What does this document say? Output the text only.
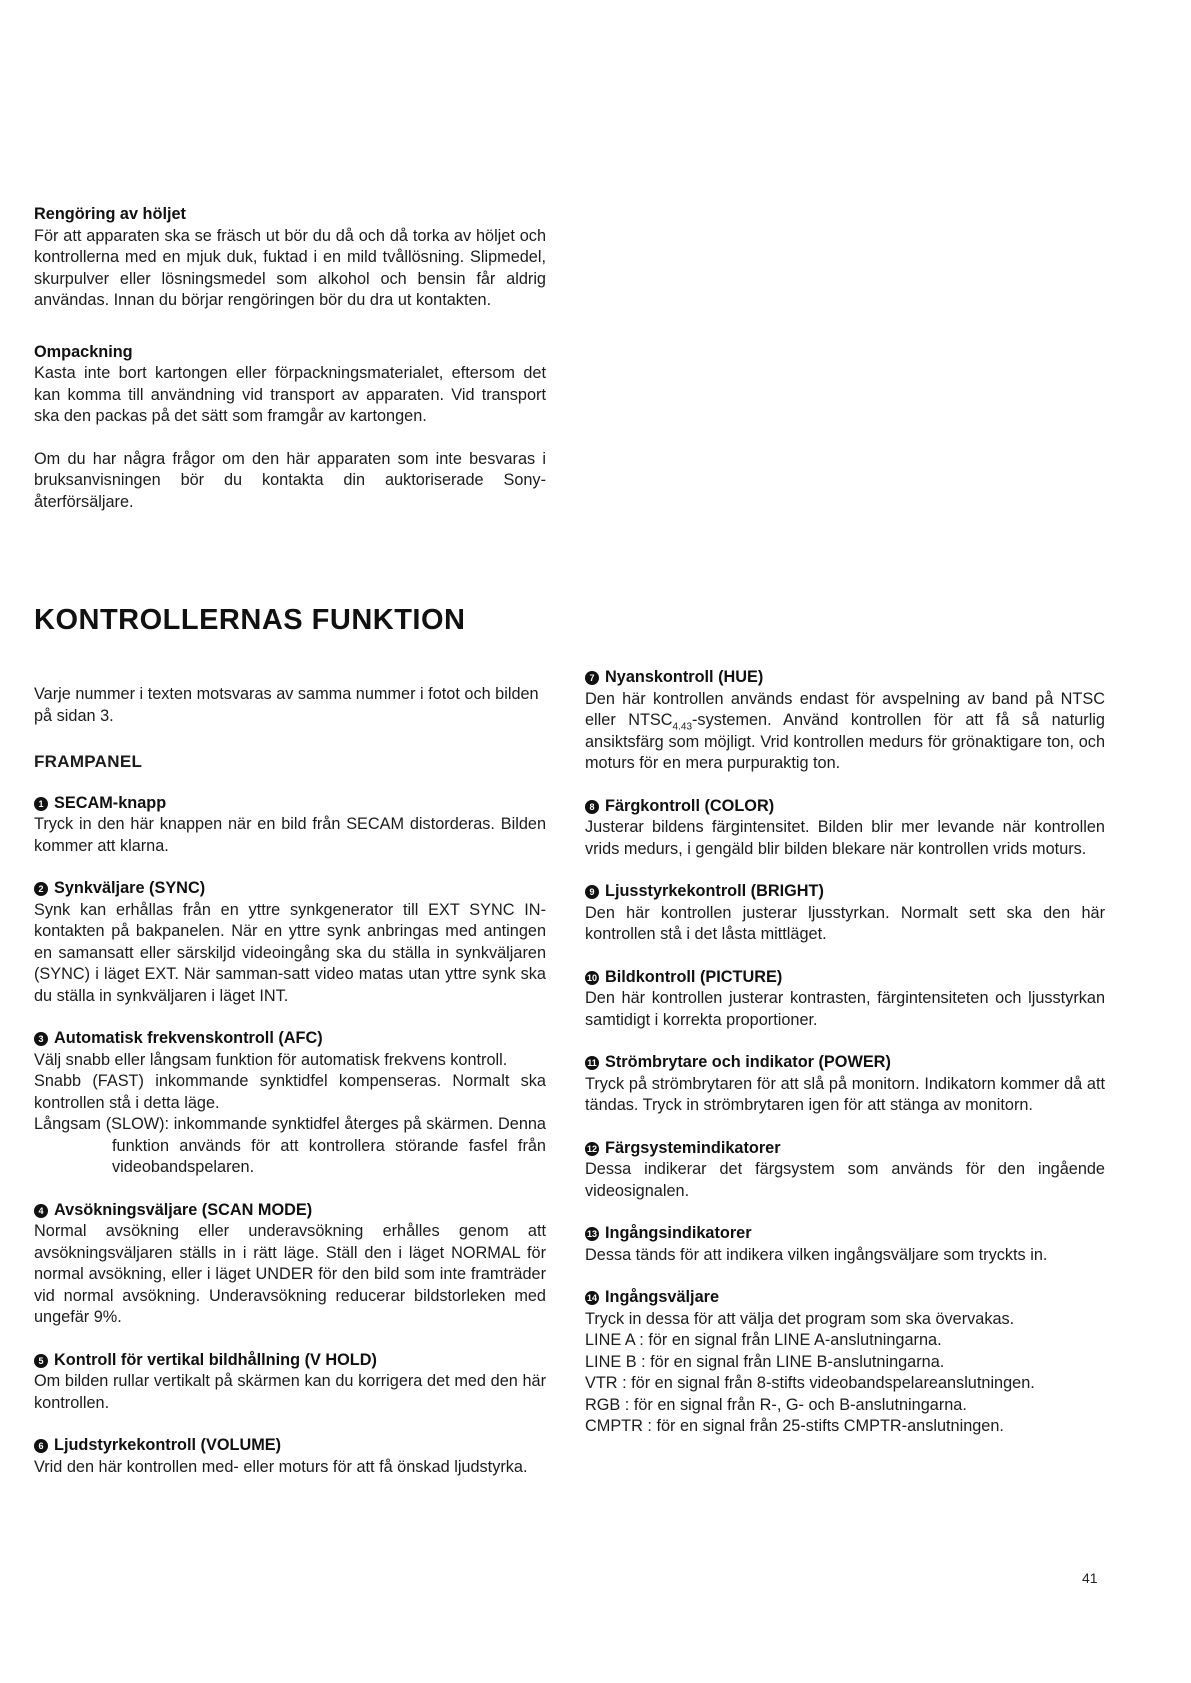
Rengöring av höljet

För att apparaten ska se fräsch ut bör du då och då torka av höljet och kontrollerna med en mjuk duk, fuktad i en mild tvållösning. Slipmedel, skurpulver eller lösningsmedel som alkohol och bensin får aldrig användas. Innan du börjar rengöringen bör du dra ut kontakten.

Ompackning

Kasta inte bort kartongen eller förpackningsmaterialet, eftersom det kan komma till användning vid transport av apparaten. Vid transport ska den packas på det sätt som framgår av kartongen.

Om du har några frågor om den här apparaten som inte besvaras i bruksanvisningen bör du kontakta din auktoriserade Sony-återförsäljare.

KONTROLLERNAS FUNKTION

Varje nummer i texten motsvaras av samma nummer i fotot och bilden på sidan 3.

FRAMPANEL
1 SECAM-knapp

Tryck in den här knappen när en bild från SECAM distorderas. Bilden kommer att klarna.

2 Synkväljare (SYNC)

Synk kan erhållas från en yttre synkgenerator till EXT SYNC IN-kontakten på bakpanelen. När en yttre synk anbringas med antingen en samansatt eller särskiljd videoingång ska du ställa in synkväljaren (SYNC) i läget EXT. När samman-satt video matas utan yttre synk ska du ställa in synkväljaren i läget INT.

3 Automatisk frekvenskontroll (AFC)

Välj snabb eller långsam funktion för automatisk frekvens kontroll.

Snabb (FAST) inkommande synktidfel kompenseras. Normalt ska kontrollen stå i detta läge.

Långsam (SLOW): inkommande synktidfel återges på skärmen. Denna funktion används för att kontrollera störande fasfel från videobandspelaren.

4 Avsökningsväljare (SCAN MODE)

Normal avsökning eller underavsökning erhålles genom att avsökningsväljaren ställs in i rätt läge. Ställ den i läget NORMAL för normal avsökning, eller i läget UNDER för den bild som inte framträder vid normal avsökning. Underavsökning reducerar bildstorleken med ungefär 9%.

5 Kontroll för vertikal bildhållning (V HOLD)

Om bilden rullar vertikalt på skärmen kan du korrigera det med den här kontrollen.

6 Ljudstyrkekontroll (VOLUME)

Vrid den här kontrollen med- eller moturs för att få önskad ljudstyrka.

7 Nyanskontroll (HUE)

Den här kontrollen används endast för avspelning av band på NTSC eller $NTSC_{4.43}$-systemen. Använd kontrollen för att få så naturlig ansiktsfärg som möjligt. Vrid kontrollen medurs för grönaktigare ton, och moturs för en mera purpuraktig ton.

8 Färgkontroll (COLOR)

Justerar bildens färgintensitet. Bilden blir mer levande när kontrollen vrids medurs, i gengäld blir bilden blekare när kontrollen vrids moturs.

9 Ljusstyrkekontroll (BRIGHT)

Den här kontrollen justerar ljusstyrkan. Normalt sett ska den här kontrollen stå i det låsta mittläget.

10 Bildkontroll (PICTURE)

Den här kontrollen justerar kontrasten, färgintensiteten och ljusstyrkan samtidigt i korrekta proportioner.

11 Strömbrytare och indikator (POWER)

Tryck på strömbrytaren för att slå på monitorn. Indikatorn kommer då att tändas. Tryck in strömbrytaren igen för att stänga av monitorn.

12 Färgsystemindikatorer

Dessa indikerar det färgsystem som används för den ingående videosignalen.

13 Ingångsindikatorer

Dessa tänds för att indikera vilken ingångsväljare som tryckts in.

14 Ingångsväljare

Tryck in dessa för att välja det program som ska övervakas.

LINE A : för en signal från LINE A-anslutningarna.
LINE B : för en signal från LINE B-anslutningarna.
VTR : för en signal från 8-stifts videobandspelareanslutningen.
RGB : för en signal från R-, G- och B-anslutningarna.
CMPTR : för en signal från 25-stifts CMPTR-anslutningen.
41
